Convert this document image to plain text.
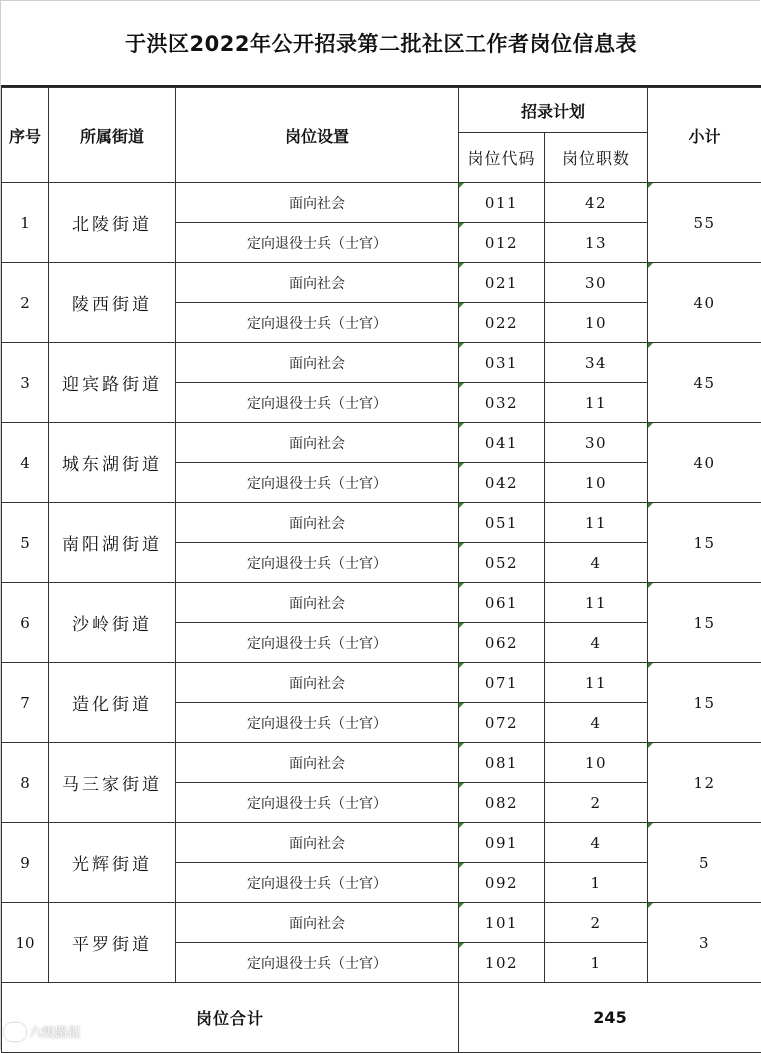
于洪区2022年公开招录第二批社区工作者岗位信息表
序号	所属街道	岗位设置	招录计划		小计
			岗位代码	岗位职数	
1	北陵街道	面向社会	011	42	55
		定向退役士兵（士官）	012	13	
2	陵西街道	面向社会	021	30	40
		定向退役士兵（士官）	022	10	
3	迎宾路街道	面向社会	031	34	45
		定向退役士兵（士官）	032	11	
4	城东湖街道	面向社会	041	30	40
		定向退役士兵（士官）	042	10	
5	南阳湖街道	面向社会	051	11	15
		定向退役士兵（士官）	052	4	
6	沙岭街道	面向社会	061	11	15
		定向退役士兵（士官）	062	4	
7	造化街道	面向社会	071	11	15
		定向退役士兵（士官）	072	4	
8	马三家街道	面向社会	081	10	12
		定向退役士兵（士官）	082	2	
9	光辉街道	面向社会	091	4	5
		定向退役士兵（士官）	092	1	
10	平罗街道	面向社会	101	2	3
		定向退役士兵（士官）	102	1	
岗位合计			245		
六级路报
